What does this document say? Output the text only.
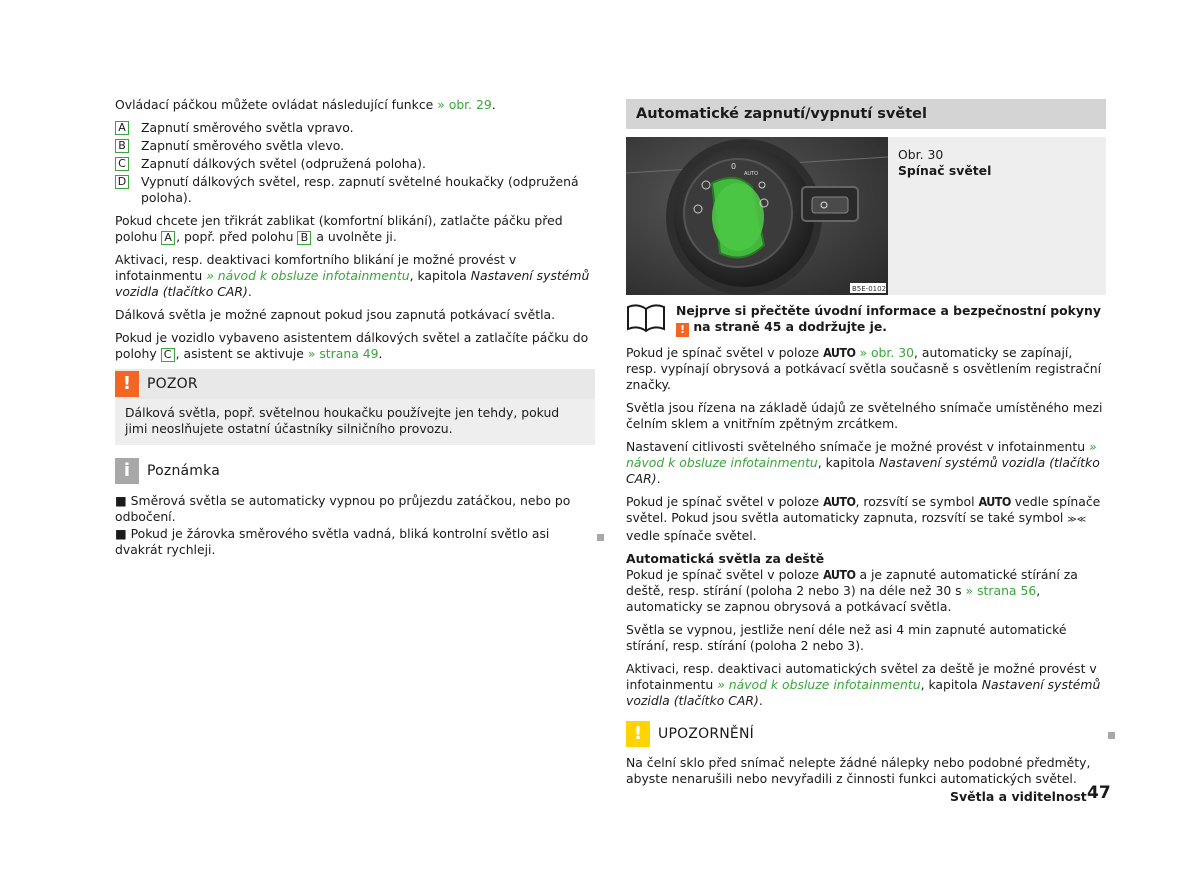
Ovládací páčkou můžete ovládat následující funkce » obr. 29.

A Zapnutí směrového světla vpravo.
B Zapnutí směrového světla vlevo.
C Zapnutí dálkových světel (odpružená poloha).
D Vypnutí dálkových světel, resp. zapnutí světelné houkačky (odpružená poloha).

Pokud chcete jen třikrát zablikat (komfortní blikání), zatlačte páčku před polohu A , popř. před polohu B a uvolněte ji.

Aktivaci, resp. deaktivaci komfortního blikání je možné provést v infotainmentu » návod k obsluze infotainmentu, kapitola Nastavení systémů vozidla (tlačítko CAR).

Dálková světla je možné zapnout pokud jsou zapnutá potkávací světla.

Pokud je vozidlo vybaveno asistentem dálkových světel a zatlačíte páčku do polohy C , asistent se aktivuje » strana 49.

!	POZOR
Dálková světla, popř. světelnou houkačku používejte jen tehdy, pokud jimi neoslňujete ostatní účastníky silničního provozu.
i	Poznámka

■ Směrová světla se automaticky vypnou po průjezdu zatáčkou, nebo po odbočení.

■ Pokud je žárovka směrového světla vadná, bliká kontrolní světlo asi dvakrát rychleji.

Automatické zapnutí/vypnutí světel
0
AUTO
B5E-0102
Obr. 30
Spínač světel
Nejprve si přečtěte úvodní informace a bezpečnostní pokyny ! na straně 45 a dodržujte je.

Pokud je spínač světel v poloze AUTO » obr. 30, automaticky se zapínají, resp. vypínají obrysová a potkávací světla současně s osvětlením registrační značky.

Světla jsou řízena na základě údajů ze světelného snímače umístěného mezi čelním sklem a vnitřním zpětným zrcátkem.

Nastavení citlivosti světelného snímače je možné provést v infotainmentu » návod k obsluze infotainmentu, kapitola Nastavení systémů vozidla (tlačítko CAR).

Pokud je spínač světel v poloze AUTO, rozsvítí se symbol AUTO vedle spínače světel. Pokud jsou světla automaticky zapnuta, rozsvítí se také symbol ≫≪ vedle spínače světel.

Automatická světla za deště

Pokud je spínač světel v poloze AUTO a je zapnuté automatické stírání za deště, resp. stírání (poloha 2 nebo 3) na déle než 30 s » strana 56, automaticky se zapnou obrysová a potkávací světla.

Světla se vypnou, jestliže není déle než asi 4 min zapnuté automatické stírání, resp. stírání (poloha 2 nebo 3).

Aktivaci, resp. deaktivaci automatických světel za deště je možné provést v infotainmentu » návod k obsluze infotainmentu, kapitola Nastavení systémů vozidla (tlačítko CAR).

!	UPOZORNĚNÍ

Na čelní sklo před snímač nelepte žádné nálepky nebo podobné předměty, abyste nenarušili nebo nevyřadili z činnosti funkci automatických světel.

Světla a viditelnost 47
